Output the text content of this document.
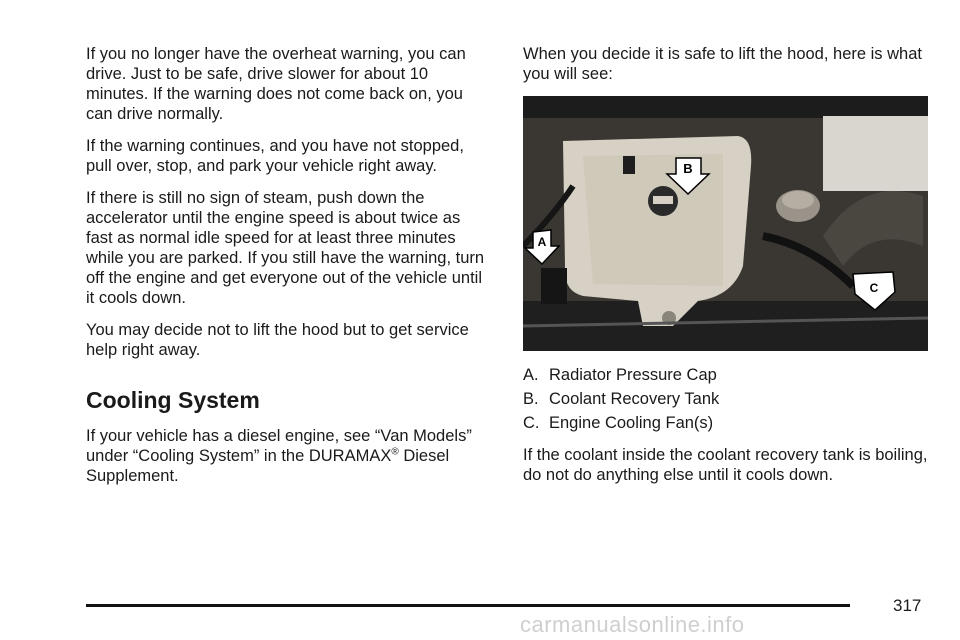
If you no longer have the overheat warning, you can drive. Just to be safe, drive slower for about 10 minutes. If the warning does not come back on, you can drive normally.

If the warning continues, and you have not stopped, pull over, stop, and park your vehicle right away.

If there is still no sign of steam, push down the accelerator until the engine speed is about twice as fast as normal idle speed for at least three minutes while you are parked. If you still have the warning, turn off the engine and get everyone out of the vehicle until it cools down.

You may decide not to lift the hood but to get service help right away.

Cooling System

If your vehicle has a diesel engine, see “Van Models” under “Cooling System” in the DURAMAX® Diesel Supplement.

When you decide it is safe to lift the hood, here is what you will see:

B
A
C
A. Radiator Pressure Cap
B. Coolant Recovery Tank
C. Engine Cooling Fan(s)

If the coolant inside the coolant recovery tank is boiling, do not do anything else until it cools down.

317
carmanualsonline.info
